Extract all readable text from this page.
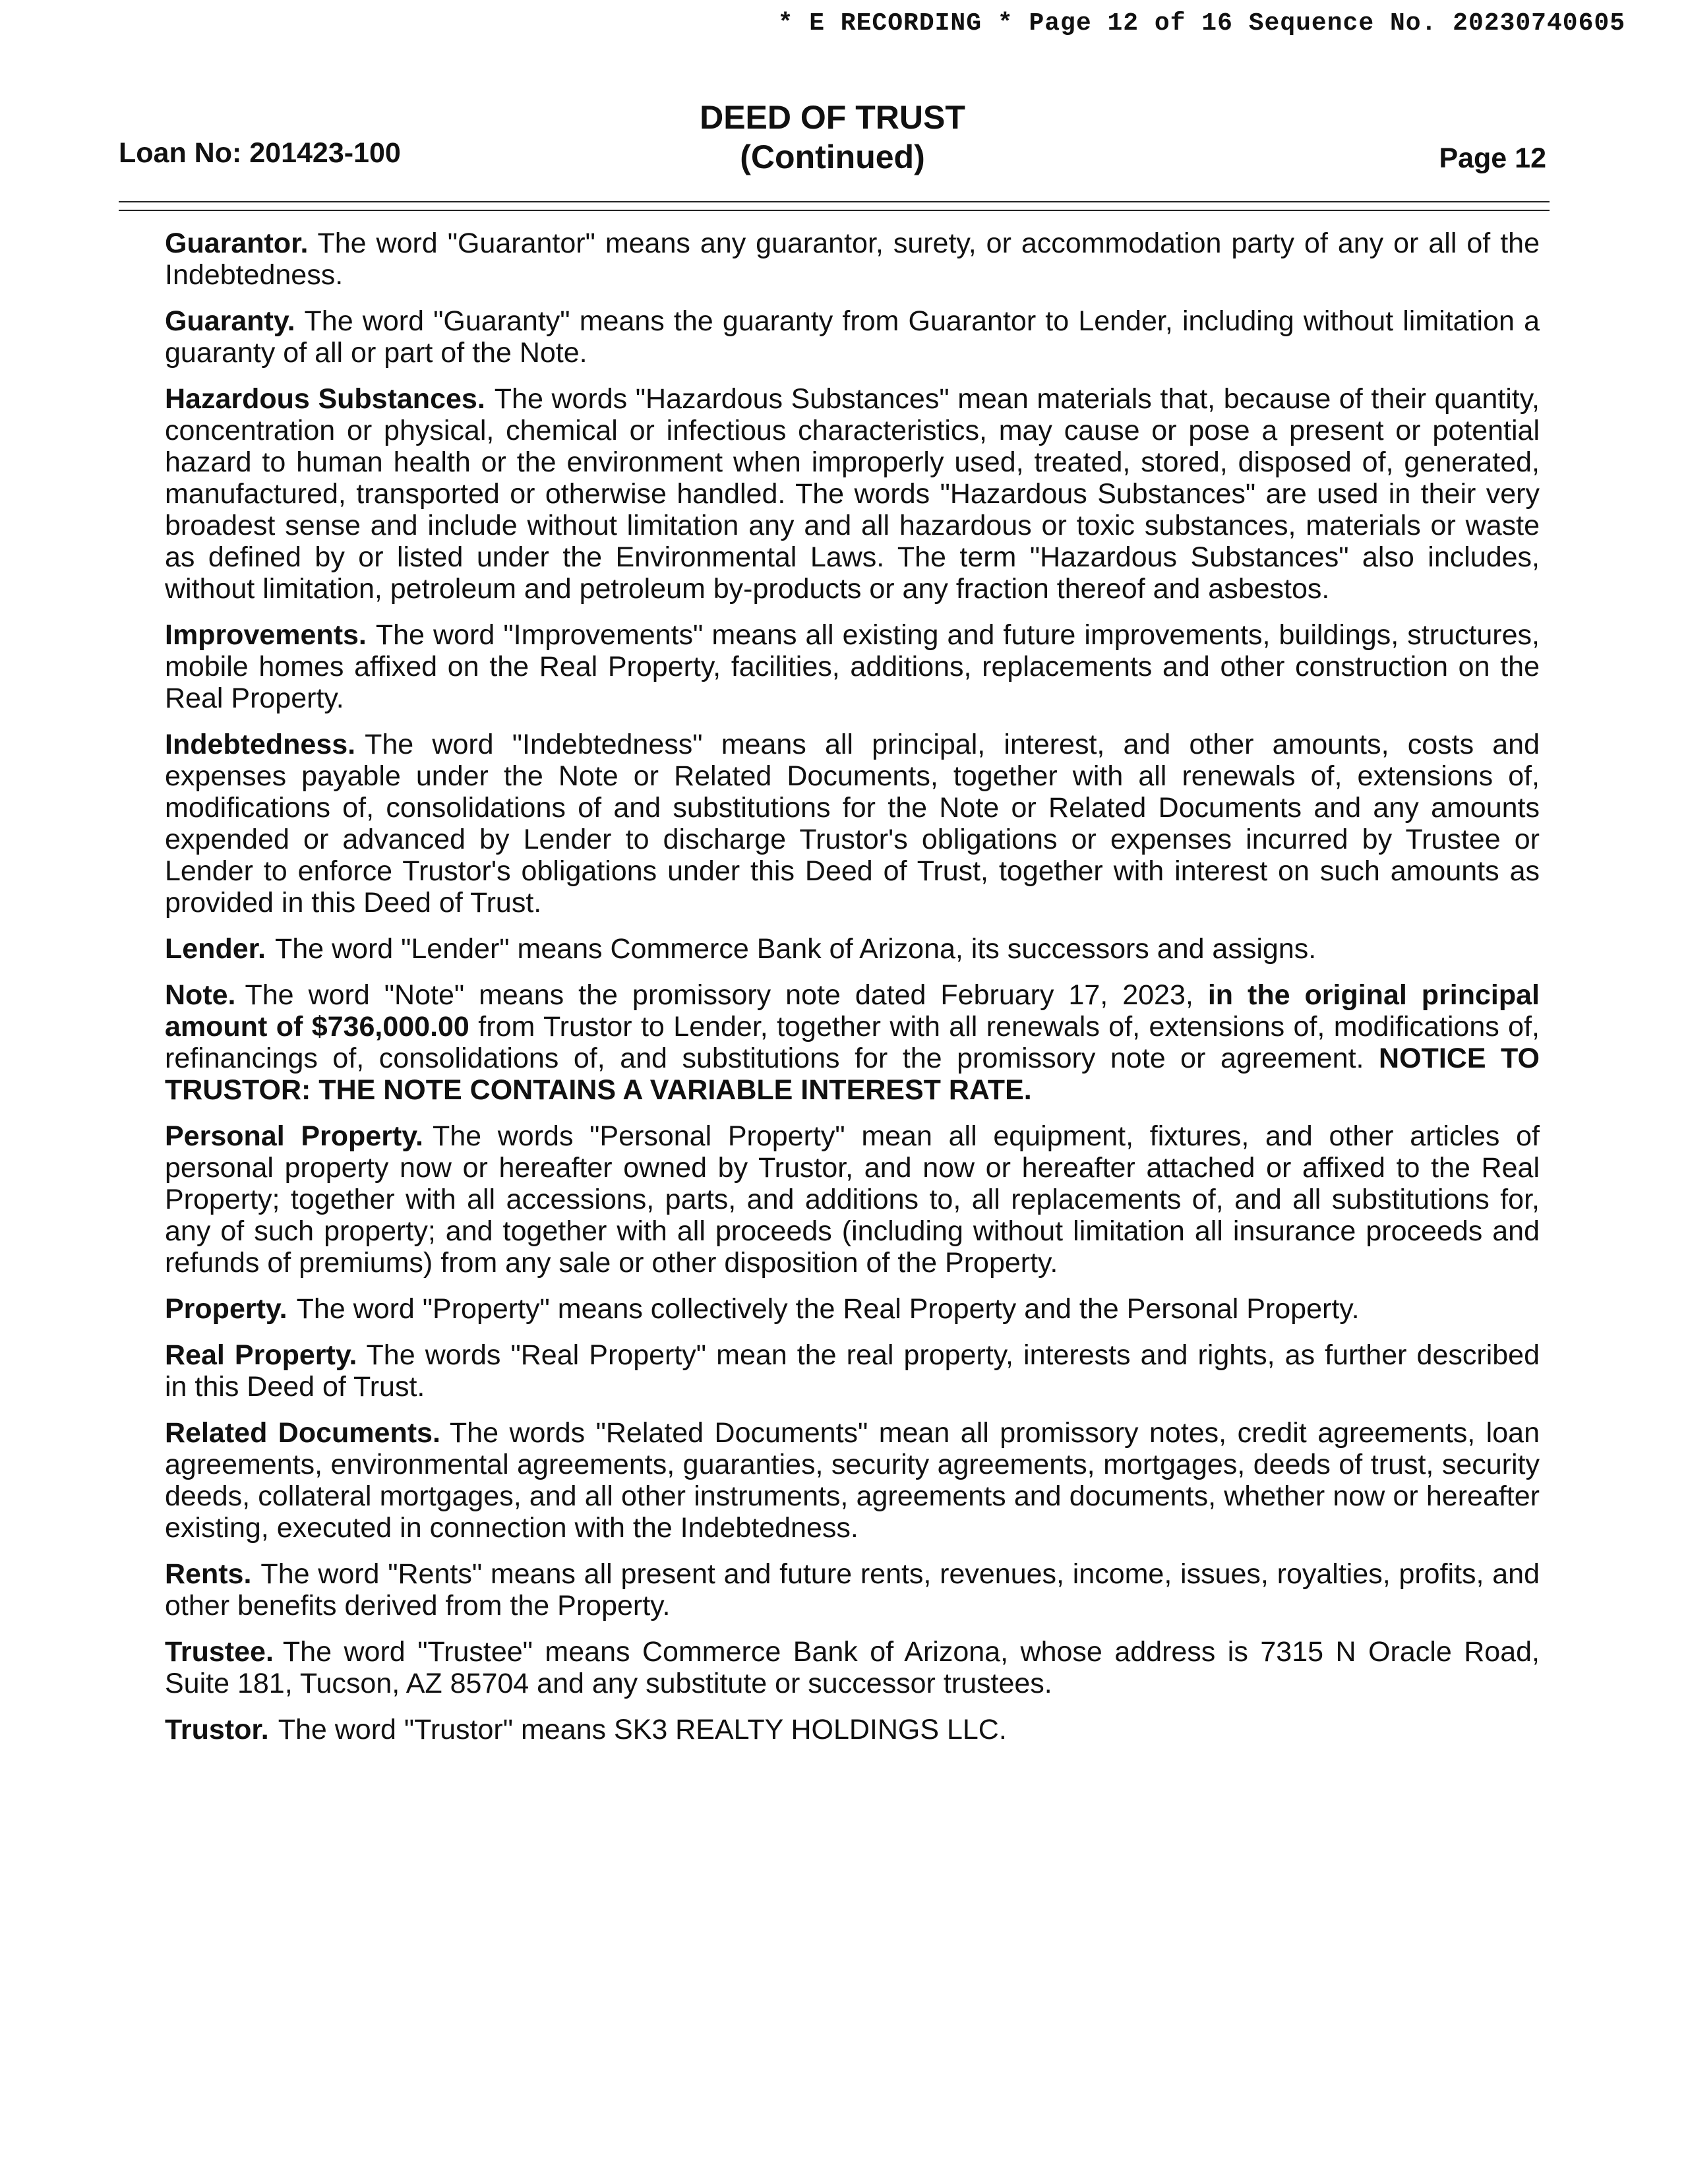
* E RECORDING * Page 12 of 16 Sequence No. 20230740605
Loan No: 201423-100
DEED OF TRUST
(Continued)	Page 12

Guarantor. The word "Guarantor" means any guarantor, surety, or accommodation party of any or all of the Indebtedness.

Guaranty. The word "Guaranty" means the guaranty from Guarantor to Lender, including without limitation a guaranty of all or part of the Note.

Hazardous Substances. The words "Hazardous Substances" mean materials that, because of their quantity, concentration or physical, chemical or infectious characteristics, may cause or pose a present or potential hazard to human health or the environment when improperly used, treated, stored, disposed of, generated, manufactured, transported or otherwise handled. The words "Hazardous Substances" are used in their very broadest sense and include without limitation any and all hazardous or toxic substances, materials or waste as defined by or listed under the Environmental Laws. The term "Hazardous Substances" also includes, without limitation, petroleum and petroleum by-products or any fraction thereof and asbestos.

Improvements. The word "Improvements" means all existing and future improvements, buildings, structures, mobile homes affixed on the Real Property, facilities, additions, replacements and other construction on the Real Property.

Indebtedness. The word "Indebtedness" means all principal, interest, and other amounts, costs and expenses payable under the Note or Related Documents, together with all renewals of, extensions of, modifications of, consolidations of and substitutions for the Note or Related Documents and any amounts expended or advanced by Lender to discharge Trustor's obligations or expenses incurred by Trustee or Lender to enforce Trustor's obligations under this Deed of Trust, together with interest on such amounts as provided in this Deed of Trust.

Lender. The word "Lender" means Commerce Bank of Arizona, its successors and assigns.

Note. The word "Note" means the promissory note dated February 17, 2023, in the original principal amount of $736,000.00 from Trustor to Lender, together with all renewals of, extensions of, modifications of, refinancings of, consolidations of, and substitutions for the promissory note or agreement. NOTICE TO TRUSTOR: THE NOTE CONTAINS A VARIABLE INTEREST RATE.

Personal Property. The words "Personal Property" mean all equipment, fixtures, and other articles of personal property now or hereafter owned by Trustor, and now or hereafter attached or affixed to the Real Property; together with all accessions, parts, and additions to, all replacements of, and all substitutions for, any of such property; and together with all proceeds (including without limitation all insurance proceeds and refunds of premiums) from any sale or other disposition of the Property.

Property. The word "Property" means collectively the Real Property and the Personal Property.

Real Property. The words "Real Property" mean the real property, interests and rights, as further described in this Deed of Trust.

Related Documents. The words "Related Documents" mean all promissory notes, credit agreements, loan agreements, environmental agreements, guaranties, security agreements, mortgages, deeds of trust, security deeds, collateral mortgages, and all other instruments, agreements and documents, whether now or hereafter existing, executed in connection with the Indebtedness.

Rents. The word "Rents" means all present and future rents, revenues, income, issues, royalties, profits, and other benefits derived from the Property.

Trustee. The word "Trustee" means Commerce Bank of Arizona, whose address is 7315 N Oracle Road, Suite 181, Tucson, AZ 85704 and any substitute or successor trustees.

Trustor. The word "Trustor" means SK3 REALTY HOLDINGS LLC.
